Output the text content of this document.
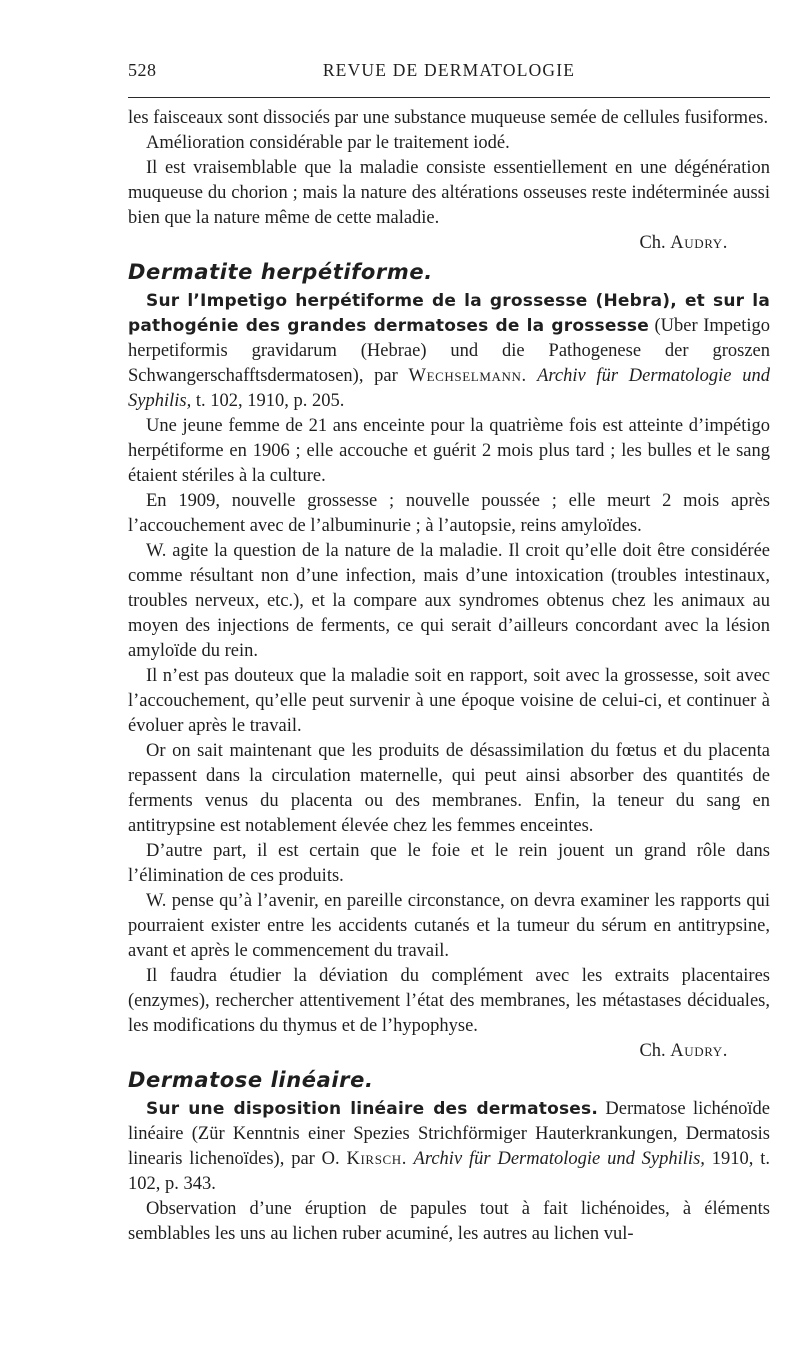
528	REVUE DE DERMATOLOGIE

les faisceaux sont dissociés par une substance muqueuse semée de cellules fusiformes.

Amélioration considérable par le traitement iodé.

Il est vraisemblable que la maladie consiste essentiellement en une dégénération muqueuse du chorion ; mais la nature des altérations osseuses reste indéterminée aussi bien que la nature même de cette maladie.

Ch. Audry.

Dermatite herpétiforme.

Sur l’Impetigo herpétiforme de la grossesse (Hebra), et sur la pathogénie des grandes dermatoses de la grossesse (Uber Impetigo herpetiformis gravidarum (Hebrae) und die Pathogenese der groszen Schwangerschafftsdermatosen), par Wechselmann. Archiv für Dermatologie und Syphilis, t. 102, 1910, p. 205.

Une jeune femme de 21 ans enceinte pour la quatrième fois est atteinte d’impétigo herpétiforme en 1906 ; elle accouche et guérit 2 mois plus tard ; les bulles et le sang étaient stériles à la culture.

En 1909, nouvelle grossesse ; nouvelle poussée ; elle meurt 2 mois après l’accouchement avec de l’albuminurie ; à l’autopsie, reins amyloïdes.

W. agite la question de la nature de la maladie. Il croit qu’elle doit être considérée comme résultant non d’une infection, mais d’une intoxication (troubles intestinaux, troubles nerveux, etc.), et la compare aux syndromes obtenus chez les animaux au moyen des injections de ferments, ce qui serait d’ailleurs concordant avec la lésion amyloïde du rein.

Il n’est pas douteux que la maladie soit en rapport, soit avec la grossesse, soit avec l’accouchement, qu’elle peut survenir à une époque voisine de celui-ci, et continuer à évoluer après le travail.

Or on sait maintenant que les produits de désassimilation du fœtus et du placenta repassent dans la circulation maternelle, qui peut ainsi absorber des quantités de ferments venus du placenta ou des membranes. Enfin, la teneur du sang en antitrypsine est notablement élevée chez les femmes enceintes.

D’autre part, il est certain que le foie et le rein jouent un grand rôle dans l’élimination de ces produits.

W. pense qu’à l’avenir, en pareille circonstance, on devra examiner les rapports qui pourraient exister entre les accidents cutanés et la tumeur du sérum en antitrypsine, avant et après le commencement du travail.

Il faudra étudier la déviation du complément avec les extraits placentaires (enzymes), rechercher attentivement l’état des membranes, les métastases déciduales, les modifications du thymus et de l’hypophyse.

Ch. Audry.

Dermatose linéaire.

Sur une disposition linéaire des dermatoses. Dermatose lichénoïde linéaire (Zür Kenntnis einer Spezies Strichförmiger Hauterkrankungen, Dermatosis linearis lichenoïdes), par O. Kirsch. Archiv für Dermatologie und Syphilis, 1910, t. 102, p. 343.

Observation d’une éruption de papules tout à fait lichénoides, à éléments semblables les uns au lichen ruber acuminé, les autres au lichen vul-
